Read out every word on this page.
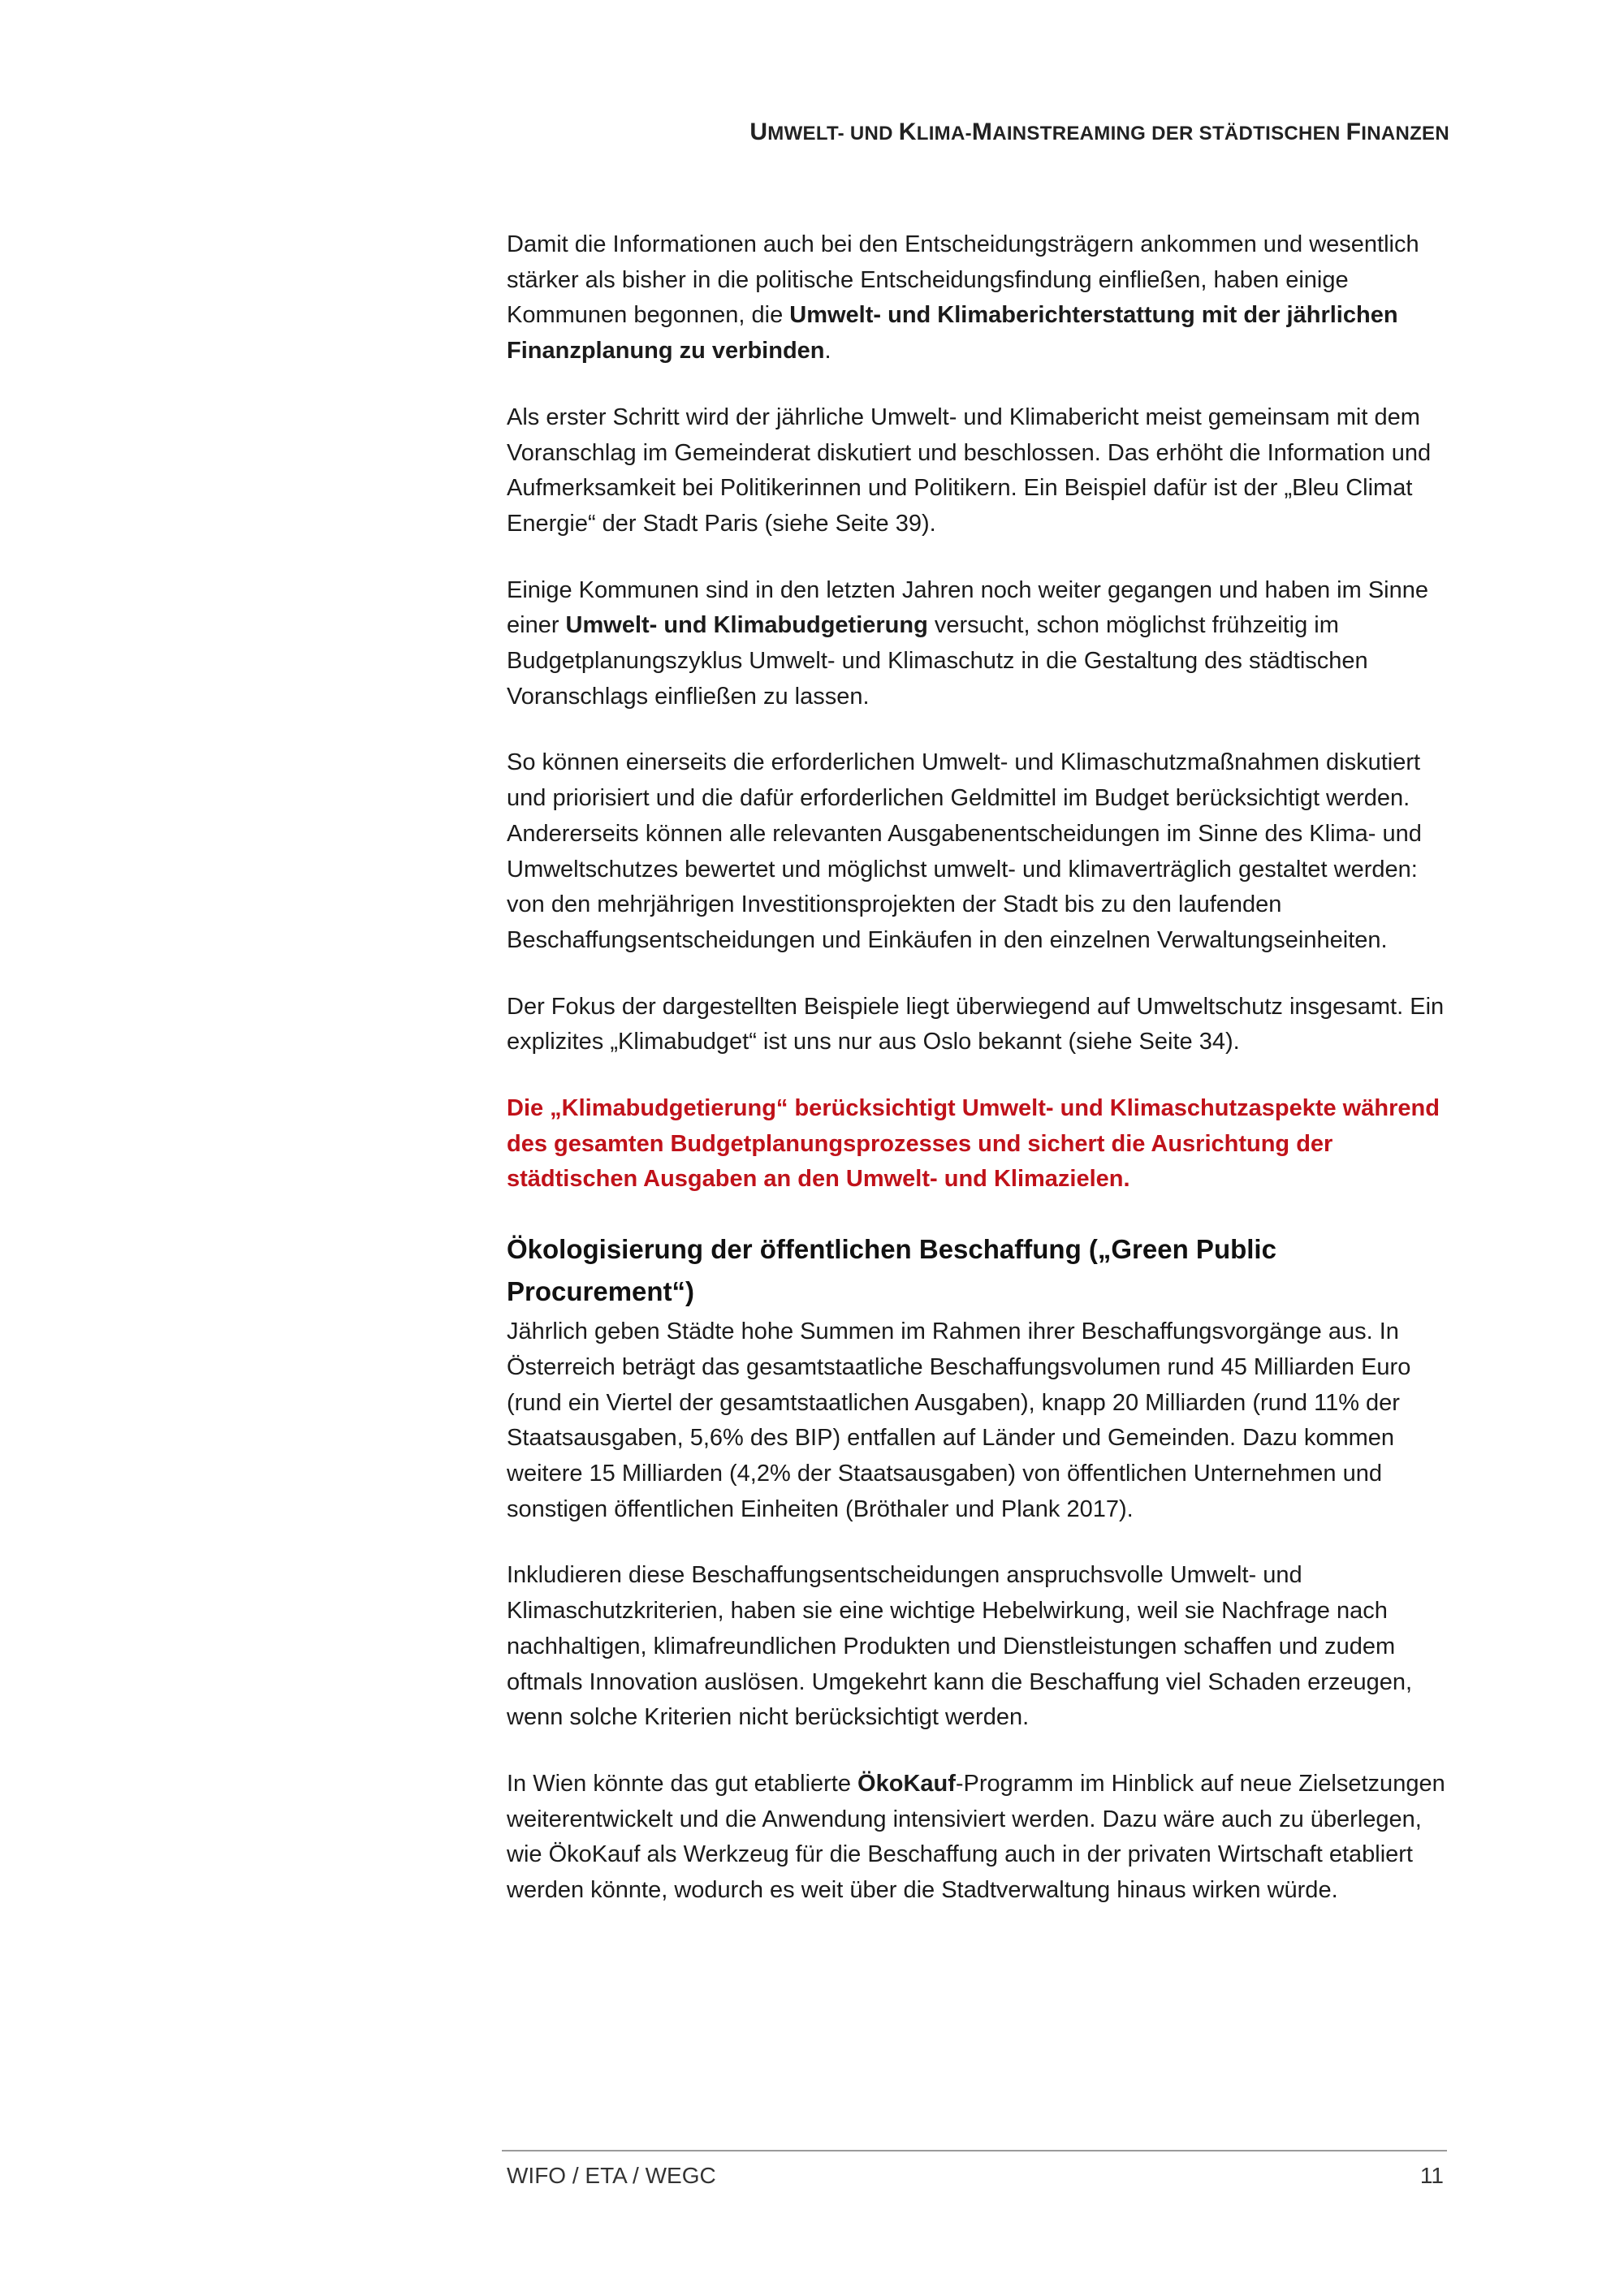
UMWELT- UND KLIMA-MAINSTREAMING DER STÄDTISCHEN FINANZEN

Damit die Informationen auch bei den Entscheidungsträgern ankommen und wesentlich stärker als bisher in die politische Entscheidungsfindung einfließen, haben einige Kommunen begonnen, die Umwelt- und Klimaberichterstattung mit der jährlichen Finanzplanung zu verbinden.

Als erster Schritt wird der jährliche Umwelt- und Klimabericht meist gemeinsam mit dem Voranschlag im Gemeinderat diskutiert und beschlossen. Das erhöht die Information und Aufmerksamkeit bei Politikerinnen und Politikern. Ein Beispiel dafür ist der „Bleu Climat Energie“ der Stadt Paris (siehe Seite 39).

Einige Kommunen sind in den letzten Jahren noch weiter gegangen und haben im Sinne einer Umwelt- und Klimabudgetierung versucht, schon möglichst frühzeitig im Budgetplanungszyklus Umwelt- und Klimaschutz in die Gestaltung des städtischen Voranschlags einfließen zu lassen.

So können einerseits die erforderlichen Umwelt- und Klimaschutzmaßnahmen diskutiert und priorisiert und die dafür erforderlichen Geldmittel im Budget berücksichtigt werden. Andererseits können alle relevanten Ausgabenentscheidungen im Sinne des Klima- und Umweltschutzes bewertet und möglichst umwelt- und klimaverträglich gestaltet werden: von den mehrjährigen Investitionsprojekten der Stadt bis zu den laufenden Beschaffungsentscheidungen und Einkäufen in den einzelnen Verwaltungseinheiten.

Der Fokus der dargestellten Beispiele liegt überwiegend auf Umweltschutz insgesamt. Ein explizites „Klimabudget“ ist uns nur aus Oslo bekannt (siehe Seite 34).

Die „Klimabudgetierung“ berücksichtigt Umwelt- und Klimaschutzaspekte während des gesamten Budgetplanungsprozesses und sichert die Ausrichtung der städtischen Ausgaben an den Umwelt- und Klimazielen.

Ökologisierung der öffentlichen Beschaffung („Green Public Procurement“)

Jährlich geben Städte hohe Summen im Rahmen ihrer Beschaffungsvorgänge aus. In Österreich beträgt das gesamtstaatliche Beschaffungsvolumen rund 45 Milliarden Euro (rund ein Viertel der gesamtstaatlichen Ausgaben), knapp 20 Milliarden (rund 11% der Staatsausgaben, 5,6% des BIP) entfallen auf Länder und Gemeinden. Dazu kommen weitere 15 Milliarden (4,2% der Staatsausgaben) von öffentlichen Unternehmen und sonstigen öffentlichen Einheiten (Bröthaler und Plank 2017).

Inkludieren diese Beschaffungsentscheidungen anspruchsvolle Umwelt- und Klimaschutzkriterien, haben sie eine wichtige Hebelwirkung, weil sie Nachfrage nach nachhaltigen, klimafreundlichen Produkten und Dienstleistungen schaffen und zudem oftmals Innovation auslösen. Umgekehrt kann die Beschaffung viel Schaden erzeugen, wenn solche Kriterien nicht berücksichtigt werden.

In Wien könnte das gut etablierte ÖkoKauf-Programm im Hinblick auf neue Zielsetzungen weiterentwickelt und die Anwendung intensiviert werden. Dazu wäre auch zu überlegen, wie ÖkoKauf als Werkzeug für die Beschaffung auch in der privaten Wirtschaft etabliert werden könnte, wodurch es weit über die Stadtverwaltung hinaus wirken würde.

WIFO / ETA / WEGC	11
